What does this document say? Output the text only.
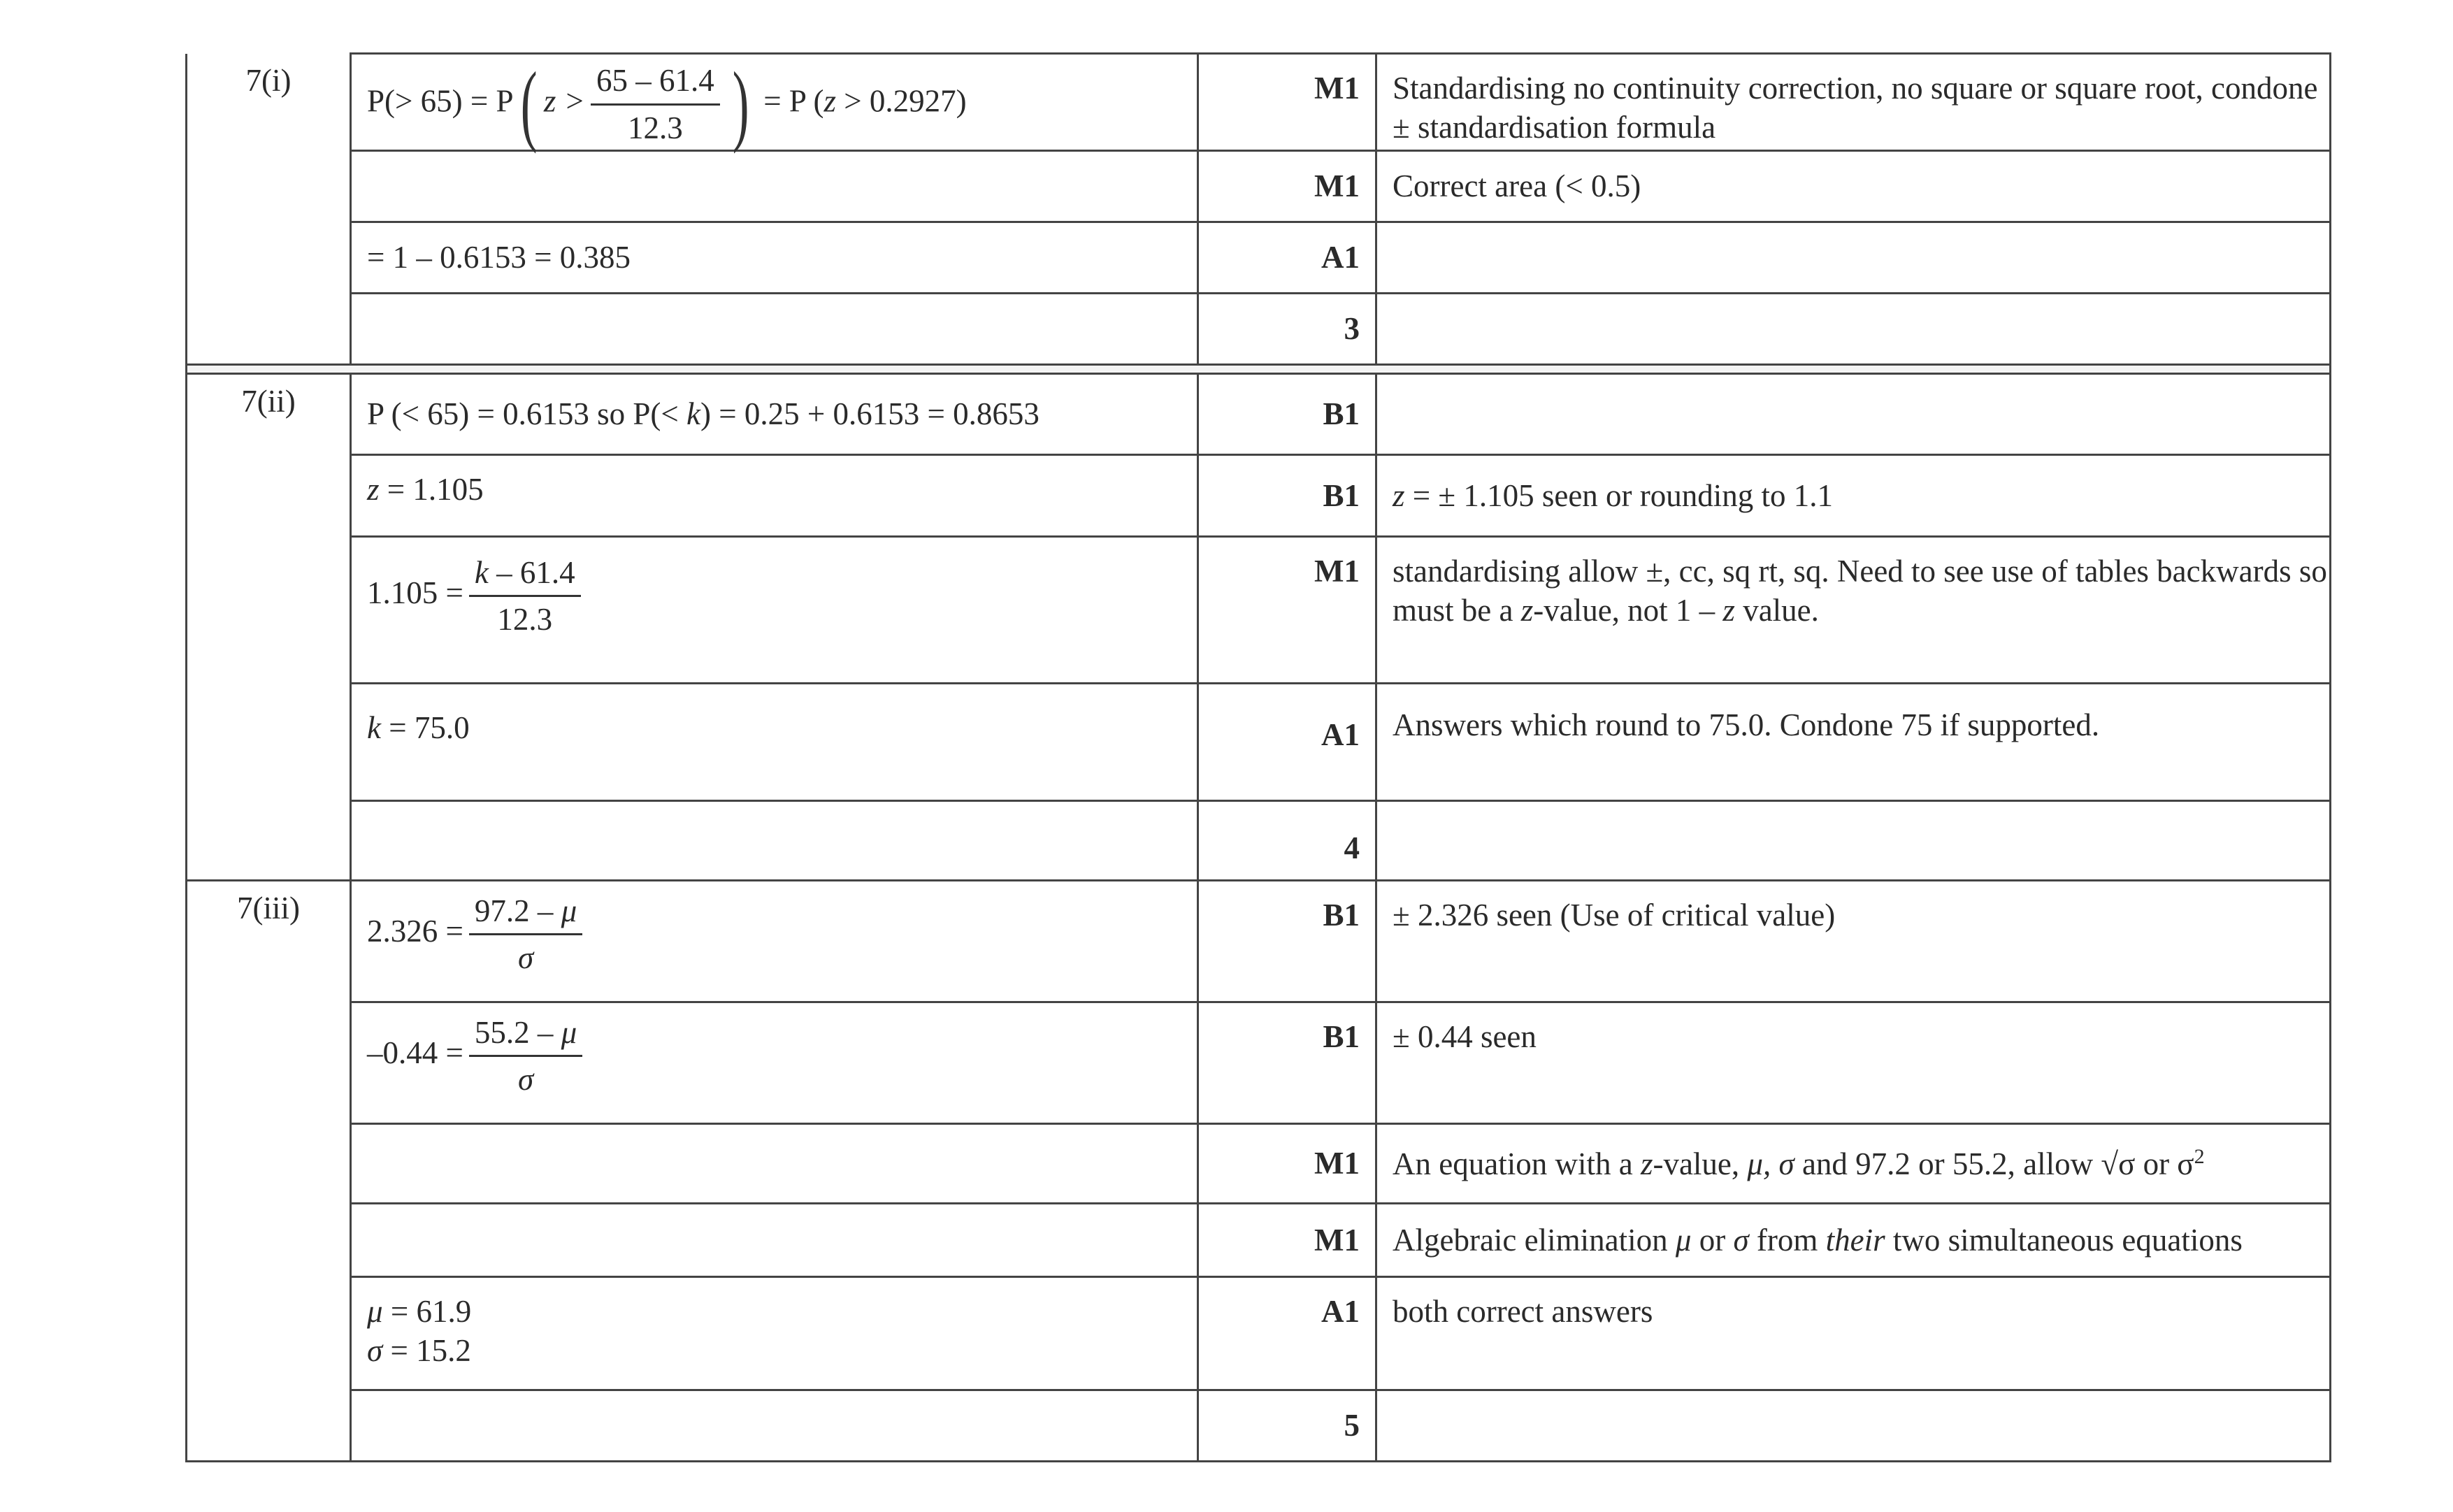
7(i)	P(> 65) = P( $z > \frac{65 - 61.4}{12.3}$ ) = P (z > 0.2927)	M1	Standardising no continuity correction, no square or square root, condone ± standardisation formula
		M1	Correct area (< 0.5)
	= 1 – 0.6153 = 0.385	A1	
		3	

7(ii)	P (< 65) = 0.6153 so P(< k) = 0.25 + 0.6153 = 0.8653	B1	
	z = 1.105	B1	z = ± 1.105 seen or rounding to 1.1
	$1.105 = \frac{k - 61.4}{12.3}$	M1	standardising allow ±, cc, sq rt, sq. Need to see use of tables backwards so must be a z-value, not 1 – z value.
	k = 75.0	A1	Answers which round to 75.0. Condone 75 if supported.
		4	
7(iii)	$2.326 = \frac{97.2 - \mu}{\sigma}$	B1	± 2.326 seen (Use of critical value)
	$-0.44 = \frac{55.2 - \mu}{\sigma}$	B1	± 0.44 seen
		M1	An equation with a z-value, μ, σ and 97.2 or 55.2, allow √σ or $\sigma^2$
		M1	Algebraic elimination μ or σ from their two simultaneous equations

	μ = 61.9
σ = 15.2	A1	both correct answers
		5	
